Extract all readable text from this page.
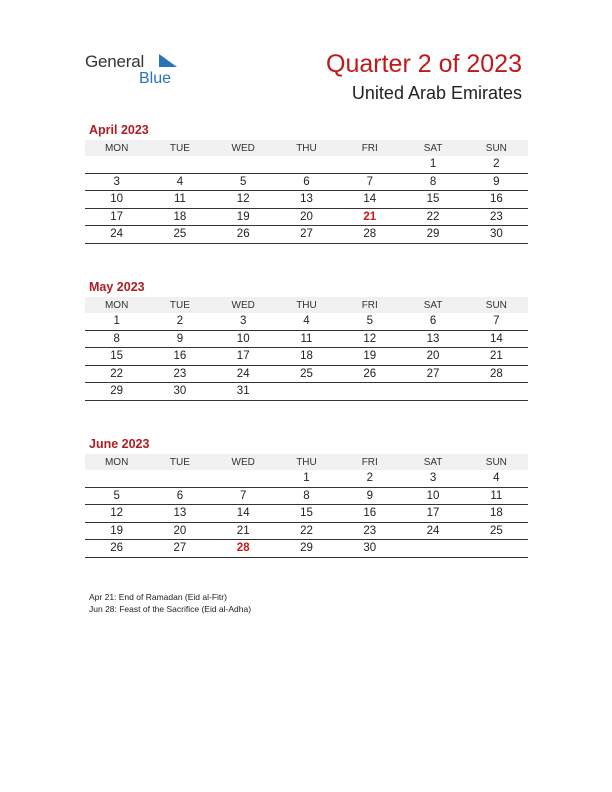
General
Blue
Quarter 2 of 2023
United Arab Emirates
April 2023
MON	TUE	WED	THU	FRI	SAT	SUN
					1	2
3	4	5	6	7	8	9
10	11	12	13	14	15	16
17	18	19	20	21	22	23
24	25	26	27	28	29	30
May 2023
MON	TUE	WED	THU	FRI	SAT	SUN
1	2	3	4	5	6	7
8	9	10	11	12	13	14
15	16	17	18	19	20	21
22	23	24	25	26	27	28
29	30	31				
June 2023
MON	TUE	WED	THU	FRI	SAT	SUN
			1	2	3	4
5	6	7	8	9	10	11
12	13	14	15	16	17	18
19	20	21	22	23	24	25
26	27	28	29	30		
Apr 21: End of Ramadan (Eid al-Fitr)
Jun 28: Feast of the Sacrifice (Eid al-Adha)
